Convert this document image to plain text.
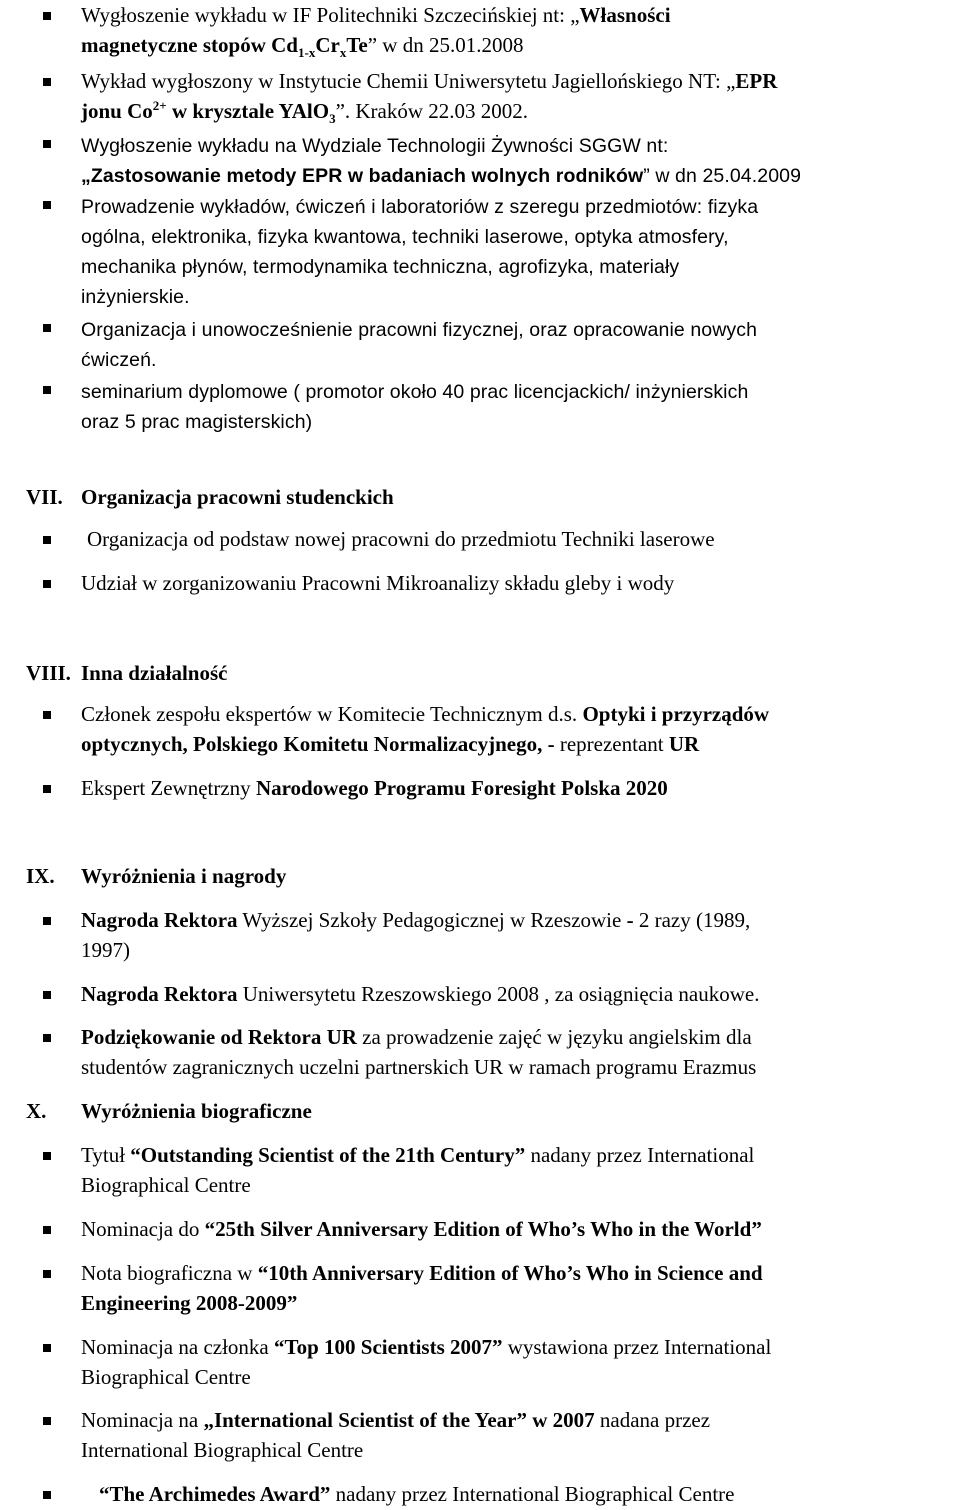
Wygłoszenie wykładu w IF Politechniki Szczecińskiej nt: „Własności
magnetyczne stopów $Cd_{1-x}Cr_xTe$” w dn 25.01.2008
Wykład wygłoszony w Instytucie Chemii Uniwersytetu Jagiellońskiego NT: „EPR
jonu $Co^{2+}$ w krysztale YAlO$_3$”. Kraków 22.03 2002.
Wygłoszenie wykładu na Wydziale Technologii Żywności SGGW nt:
„Zastosowanie metody EPR w badaniach wolnych rodników” w dn 25.04.2009
Prowadzenie wykładów, ćwiczeń i laboratoriów z szeregu przedmiotów: fizyka
ogólna, elektronika, fizyka kwantowa, techniki laserowe, optyka atmosfery,
mechanika płynów, termodynamika techniczna, agrofizyka, materiały
inżynierskie.
Organizacja i unowocześnienie pracowni fizycznej, oraz opracowanie nowych
ćwiczeń.
seminarium dyplomowe ( promotor około 40 prac licencjackich/ inżynierskich
oraz 5 prac magisterskich)
VII. Organizacja pracowni studenckich
Organizacja od podstaw nowej pracowni do przedmiotu Techniki laserowe
Udział w zorganizowaniu Pracowni Mikroanalizy składu gleby i wody
VIII. Inna działalność
Członek zespołu ekspertów w Komitecie Technicznym d.s. Optyki i przyrządów
optycznych, Polskiego Komitetu Normalizacyjnego, - reprezentant UR
Ekspert Zewnętrzny Narodowego Programu Foresight Polska 2020
IX. Wyróżnienia i nagrody
Nagroda Rektora Wyższej Szkoły Pedagogicznej w Rzeszowie - 2 razy (1989,
1997)
Nagroda Rektora Uniwersytetu Rzeszowskiego 2008 , za osiągnięcia naukowe.
Podziękowanie od Rektora UR za prowadzenie zajęć w języku angielskim dla
studentów zagranicznych uczelni partnerskich UR w ramach programu Erazmus
X. Wyróżnienia biograficzne
Tytuł “Outstanding Scientist of the 21th Century” nadany przez International
Biographical Centre
Nominacja do “25th Silver Anniversary Edition of Who’s Who in the World”
Nota biograficzna w “10th Anniversary Edition of Who’s Who in Science and
Engineering 2008-2009”
Nominacja na członka “Top 100 Scientists 2007” wystawiona przez International
Biographical Centre
Nominacja na „International Scientist of the Year” w 2007 nadana przez
International Biographical Centre
“The Archimedes Award” nadany przez International Biographical Centre
